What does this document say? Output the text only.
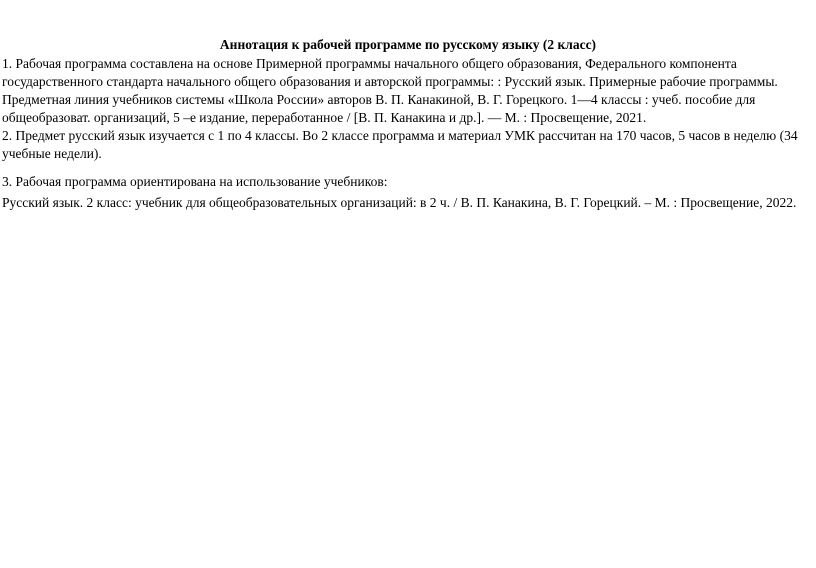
Аннотация к рабочей программе по русскому языку (2 класс)

1. Рабочая программа составлена на основе Примерной программы начального общего образования, Федерального компонента государственного стандарта начального общего образования и авторской программы: : Русский язык. Примерные рабочие программы. Предметная линия учебников системы «Школа России» авторов В. П. Канакиной, В. Г. Горецкого. 1—4 классы : учеб. пособие для общеобразоват. организаций, 5 –е издание, переработанное / [В. П. Канакина и др.]. — М. : Просвещение, 2021.

2. Предмет русский язык изучается с 1 по 4 классы. Во 2 классе программа и материал УМК рассчитан на 170 часов, 5 часов в неделю (34 учебные недели).

3. Рабочая программа ориентирована на использование учебников:

Русский язык. 2 класс: учебник для общеобразовательных организаций: в 2 ч. / В. П. Канакина, В. Г. Горецкий. – М. : Просвещение, 2022.
